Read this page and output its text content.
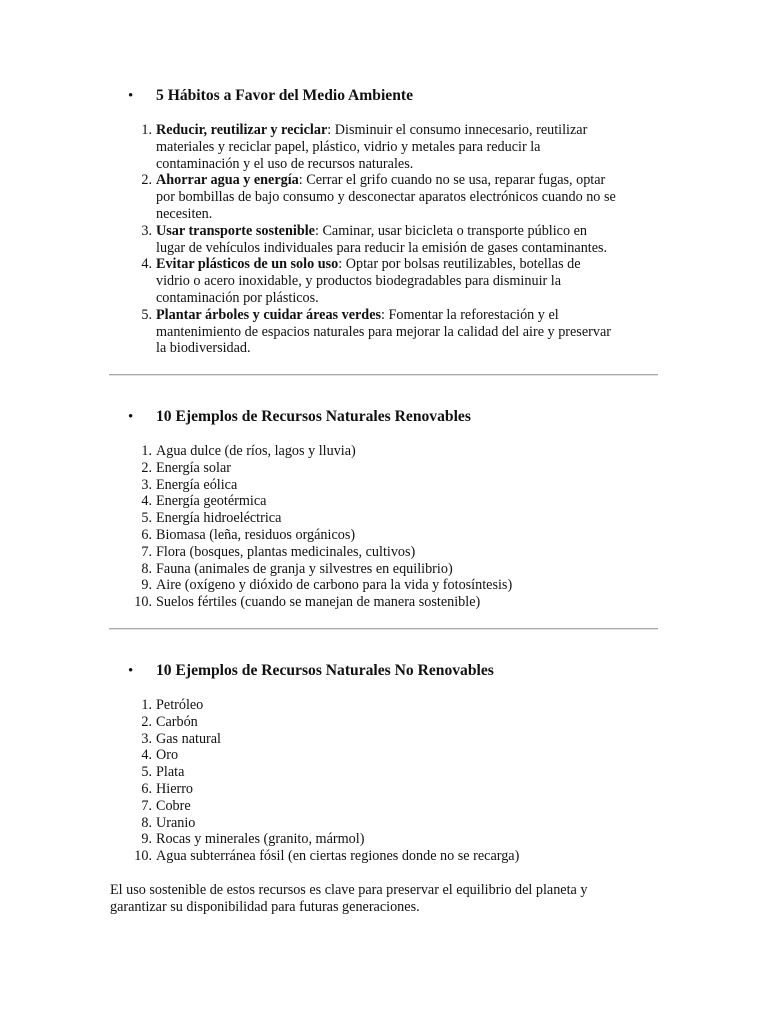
• 5 Hábitos a Favor del Medio Ambiente
1. Reducir, reutilizar y reciclar: Disminuir el consumo innecesario, reutilizar
materiales y reciclar papel, plástico, vidrio y metales para reducir la
contaminación y el uso de recursos naturales.
2. Ahorrar agua y energía: Cerrar el grifo cuando no se usa, reparar fugas, optar
por bombillas de bajo consumo y desconectar aparatos electrónicos cuando no se
necesiten.
3. Usar transporte sostenible: Caminar, usar bicicleta o transporte público en
lugar de vehículos individuales para reducir la emisión de gases contaminantes.
4. Evitar plásticos de un solo uso: Optar por bolsas reutilizables, botellas de
vidrio o acero inoxidable, y productos biodegradables para disminuir la
contaminación por plásticos.
5. Plantar árboles y cuidar áreas verdes: Fomentar la reforestación y el
mantenimiento de espacios naturales para mejorar la calidad del aire y preservar
la biodiversidad.
• 10 Ejemplos de Recursos Naturales Renovables
1. Agua dulce (de ríos, lagos y lluvia)
2. Energía solar
3. Energía eólica
4. Energía geotérmica
5. Energía hidroeléctrica
6. Biomasa (leña, residuos orgánicos)
7. Flora (bosques, plantas medicinales, cultivos)
8. Fauna (animales de granja y silvestres en equilibrio)
9. Aire (oxígeno y dióxido de carbono para la vida y fotosíntesis)
10. Suelos fértiles (cuando se manejan de manera sostenible)
• 10 Ejemplos de Recursos Naturales No Renovables
1. Petróleo
2. Carbón
3. Gas natural
4. Oro
5. Plata
6. Hierro
7. Cobre
8. Uranio
9. Rocas y minerales (granito, mármol)
10. Agua subterránea fósil (en ciertas regiones donde no se recarga)
El uso sostenible de estos recursos es clave para preservar el equilibrio del planeta y
garantizar su disponibilidad para futuras generaciones.
